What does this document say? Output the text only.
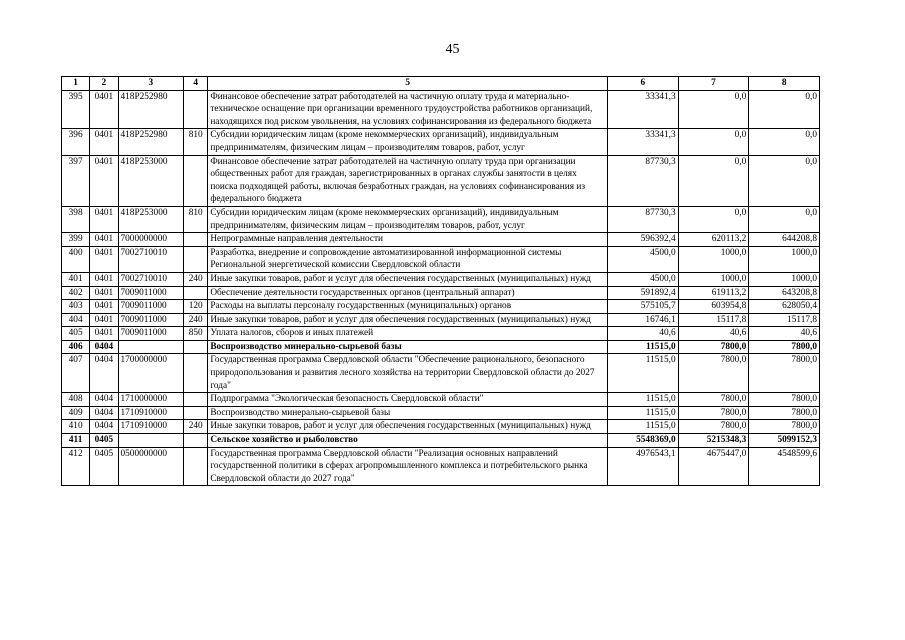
45
1	2	3	4	5	6	7	8
395	0401	418P252980		Финансовое обеспечение затрат работодателей на частичную оплату труда и материально-техническое оснащение при организации временного трудоустройства работников организаций, находящихся под риском увольнения, на условиях софинансирования из федерального бюджета	33341,3	0,0	0,0
396	0401	418P252980	810	Субсидии юридическим лицам (кроме некоммерческих организаций), индивидуальным предпринимателям, физическим лицам – производителям товаров, работ, услуг	33341,3	0,0	0,0
397	0401	418P253000		Финансовое обеспечение затрат работодателей на частичную оплату труда при организации общественных работ для граждан, зарегистрированных в органах службы занятости в целях поиска подходящей работы, включая безработных граждан, на условиях софинансирования из федерального бюджета	87730,3	0,0	0,0
398	0401	418P253000	810	Субсидии юридическим лицам (кроме некоммерческих организаций), индивидуальным предпринимателям, физическим лицам – производителям товаров, работ, услуг	87730,3	0,0	0,0
399	0401	7000000000		Непрограммные направления деятельности	596392,4	620113,2	644208,8
400	0401	7002710010		Разработка, внедрение и сопровождение автоматизированной информационной системы Региональной энергетической комиссии Свердловской области	4500,0	1000,0	1000,0
401	0401	7002710010	240	Иные закупки товаров, работ и услуг для обеспечения государственных (муниципальных) нужд	4500,0	1000,0	1000,0
402	0401	7009011000		Обеспечение деятельности государственных органов (центральный аппарат)	591892,4	619113,2	643208,8
403	0401	7009011000	120	Расходы на выплаты персоналу государственных (муниципальных) органов	575105,7	603954,8	628050,4
404	0401	7009011000	240	Иные закупки товаров, работ и услуг для обеспечения государственных (муниципальных) нужд	16746,1	15117,8	15117,8
405	0401	7009011000	850	Уплата налогов, сборов и иных платежей	40,6	40,6	40,6
406	0404			Воспроизводство минерально-сырьевой базы	11515,0	7800,0	7800,0
407	0404	1700000000		Государственная программа Свердловской области "Обеспечение рационального, безопасного природопользования и развития лесного хозяйства на территории Свердловской области до 2027 года"	11515,0	7800,0	7800,0
408	0404	1710000000		Подпрограмма "Экологическая безопасность Свердловской области"	11515,0	7800,0	7800,0
409	0404	1710910000		Воспроизводство минерально-сырьевой базы	11515,0	7800,0	7800,0
410	0404	1710910000	240	Иные закупки товаров, работ и услуг для обеспечения государственных (муниципальных) нужд	11515,0	7800,0	7800,0
411	0405			Сельское хозяйство и рыболовство	5548369,0	5215348,3	5099152,3
412	0405	0500000000		Государственная программа Свердловской области "Реализация основных направлений государственной политики в сферах агропромышленного комплекса и потребительского рынка Свердловской области до 2027 года"	4976543,1	4675447,0	4548599,6
